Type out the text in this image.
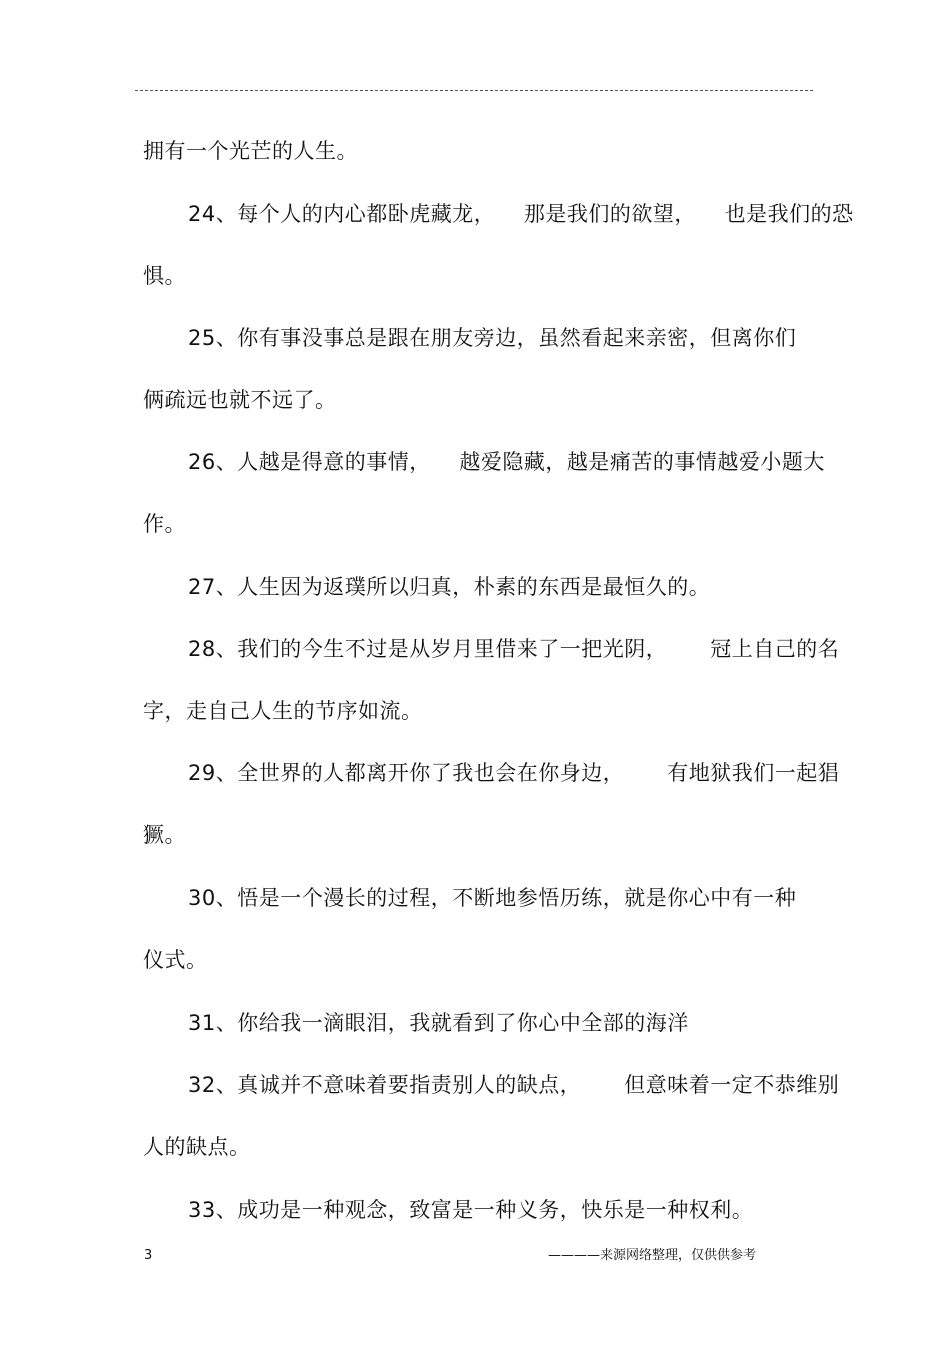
拥有一个光芒的人生。
24、每个人的内心都卧虎藏龙，    那是我们的欲望，    也是我们的恐
惧。
25、你有事没事总是跟在朋友旁边，虽然看起来亲密，但离你们
俩疏远也就不远了。
26、人越是得意的事情，    越爱隐藏，越是痛苦的事情越爱小题大
作。
27、人生因为返璞所以归真，朴素的东西是最恒久的。
28、我们的今生不过是从岁月里借来了一把光阴，      冠上自己的名
字，走自己人生的节序如流。
29、全世界的人都离开你了我也会在你身边，      有地狱我们一起猖
獗。
30、悟是一个漫长的过程，不断地参悟历练，就是你心中有一种
仪式。
31、你给我一滴眼泪，我就看到了你心中全部的海洋
32、真诚并不意味着要指责别人的缺点，      但意味着一定不恭维别
人的缺点。
33、成功是一种观念，致富是一种义务，快乐是一种权利。
3	————来源网络整理，仅供供参考
